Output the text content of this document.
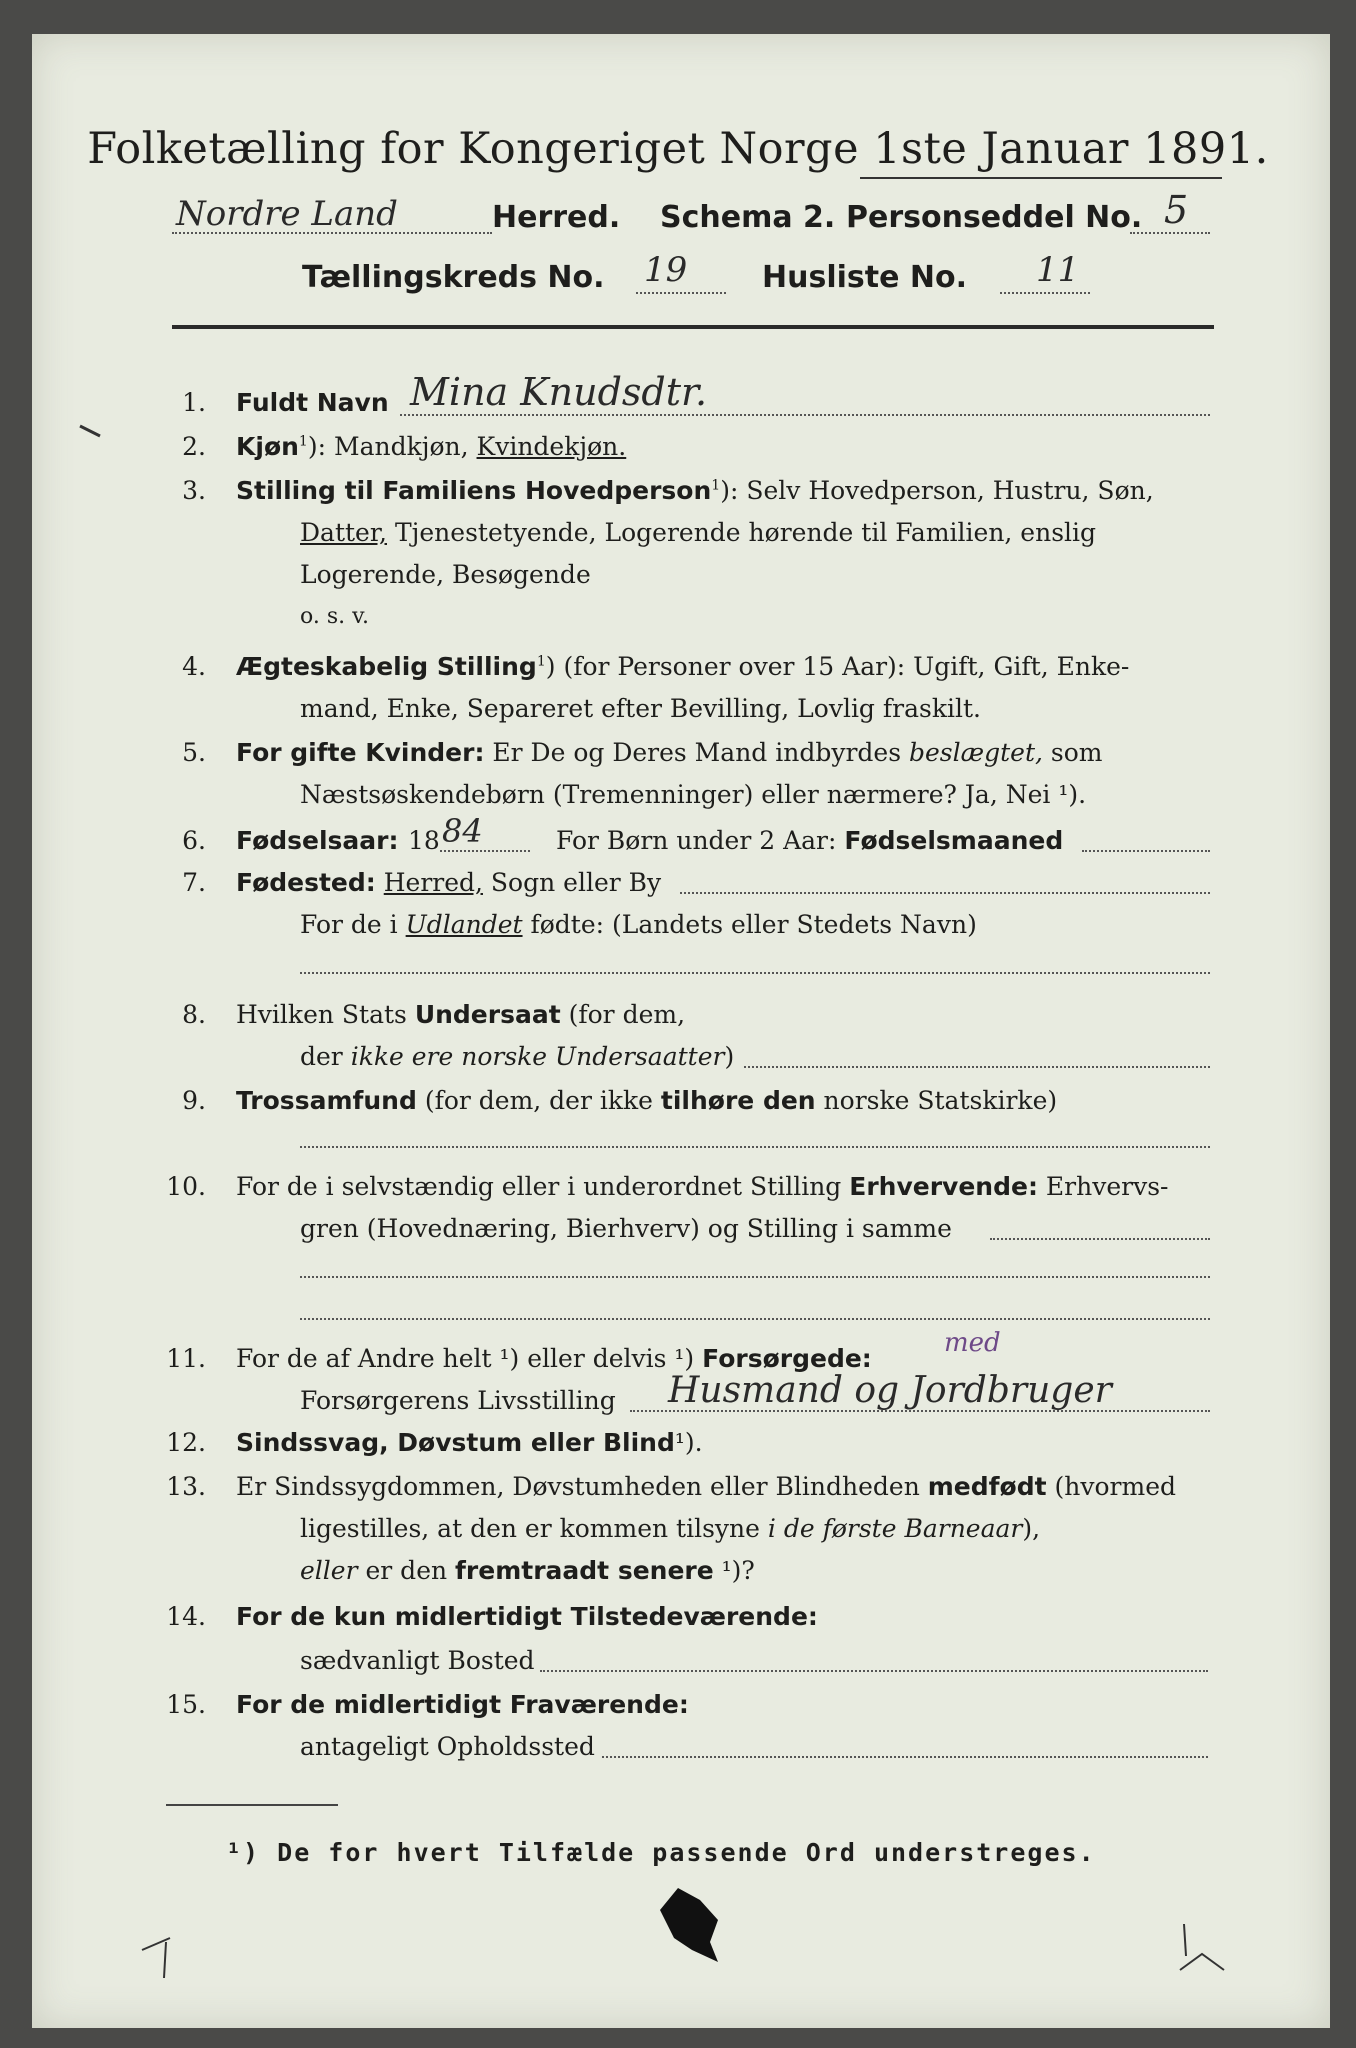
Folketælling for Kongeriget Norge 1ste Januar 1891.
Nordre Land	Herred. Schema 2. Personseddel No. 5
Tællingskreds No. 19 Husliste No. 11
1. Fuldt Navn Mina Knudsdtr.
2. Kjøn$^1$): Mandkjøn, Kvindekjøn.
3. Stilling til Familiens Hovedperson$^1$): Selv Hovedperson, Hustru, Søn,
Datter, Tjenestetyende, Logerende hørende til Familien, enslig
Logerende, Besøgende
o. s. v.
4. Ægteskabelig Stilling$^1$) (for Personer over 15 Aar): Ugift, Gift, Enke-
mand, Enke, Separeret efter Bevilling, Lovlig fraskilt.
5. For gifte Kvinder: Er De og Deres Mand indbyrdes beslægtet, som
Næstsøskendebørn (Tremenninger) eller nærmere? Ja, Nei ¹).
6. Fødselsaar: 18 84	For Børn under 2 Aar: Fødselsmaaned
7. Fødested: Herred, Sogn eller By
For de i Udlandet fødte: (Landets eller Stedets Navn)
8. Hvilken Stats Undersaat (for dem,
der ikke ere norske Undersaatter)
9. Trossamfund (for dem, der ikke tilhøre den norske Statskirke)
10. For de i selvstændig eller i underordnet Stilling Erhvervende: Erhvervs-
gren (Hovednæring, Bierhverv) og Stilling i samme
11. For de af Andre helt ¹) eller delvis ¹) Forsørgede:
med
Forsørgerens Livsstilling Husmand og Jordbruger
12. Sindssvag, Døvstum eller Blind¹).
13. Er Sindssygdommen, Døvstumheden eller Blindheden medfødt (hvormed
ligestilles, at den er kommen tilsyne i de første Barneaar),
eller er den fremtraadt senere ¹)?
14. For de kun midlertidigt Tilstedeværende:
sædvanligt Bosted
15. For de midlertidigt Fraværende:
antageligt Opholdssted
¹) De for hvert Tilfælde passende Ord understreges.
